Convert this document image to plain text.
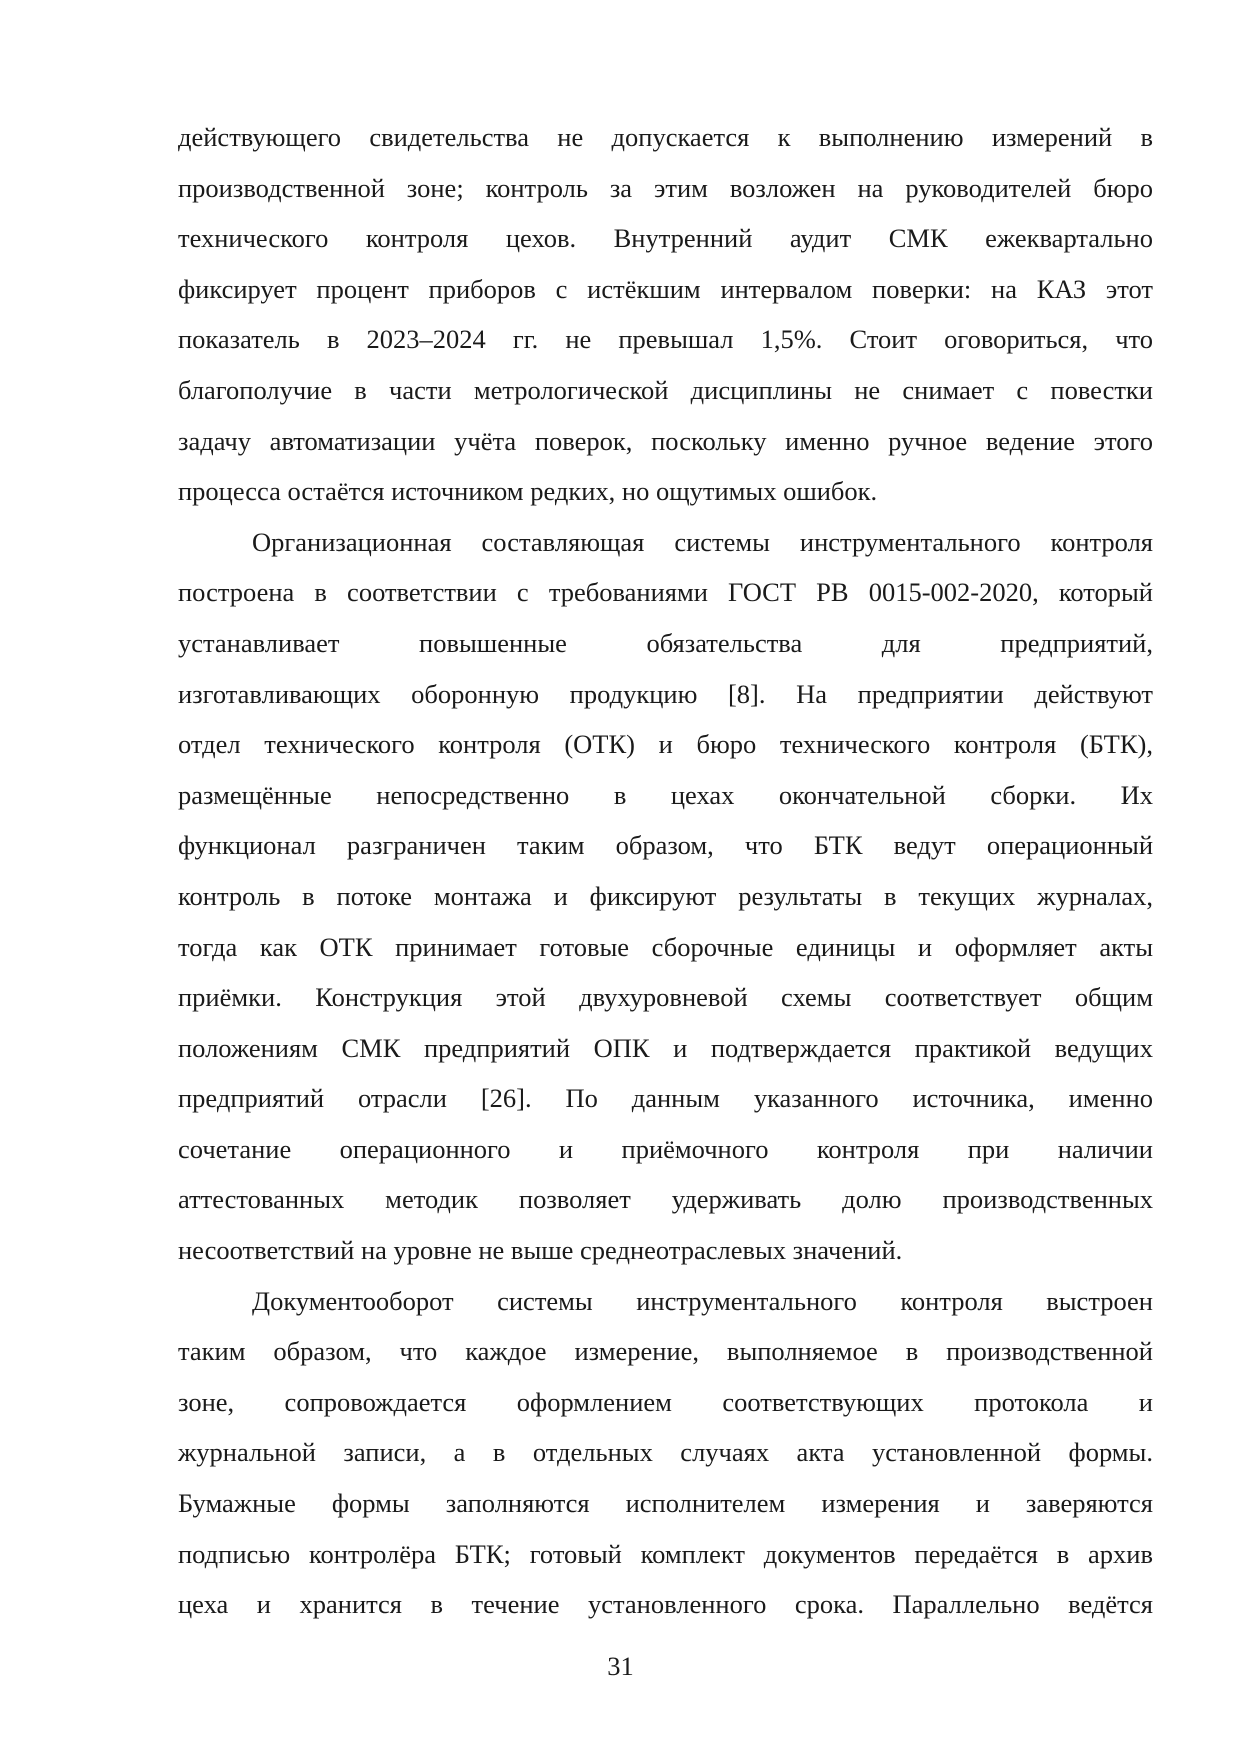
действующего свидетельства не допускается к выполнению измерений в
производственной зоне; контроль за этим возложен на руководителей бюро
технического контроля цехов. Внутренний аудит СМК ежеквартально
фиксирует процент приборов с истёкшим интервалом поверки: на КАЗ этот
показатель в 2023–2024 гг. не превышал 1,5%. Стоит оговориться, что
благополучие в части метрологической дисциплины не снимает с повестки
задачу автоматизации учёта поверок, поскольку именно ручное ведение этого
процесса остаётся источником редких, но ощутимых ошибок.
Организационная составляющая системы инструментального контроля
построена в соответствии с требованиями ГОСТ РВ 0015-002-2020, который
устанавливает повышенные обязательства для предприятий,
изготавливающих оборонную продукцию [8]. На предприятии действуют
отдел технического контроля (ОТК) и бюро технического контроля (БТК),
размещённые непосредственно в цехах окончательной сборки. Их
функционал разграничен таким образом, что БТК ведут операционный
контроль в потоке монтажа и фиксируют результаты в текущих журналах,
тогда как ОТК принимает готовые сборочные единицы и оформляет акты
приёмки. Конструкция этой двухуровневой схемы соответствует общим
положениям СМК предприятий ОПК и подтверждается практикой ведущих
предприятий отрасли [26]. По данным указанного источника, именно
сочетание операционного и приёмочного контроля при наличии
аттестованных методик позволяет удерживать долю производственных
несоответствий на уровне не выше среднеотраслевых значений.
Документооборот системы инструментального контроля выстроен
таким образом, что каждое измерение, выполняемое в производственной
зоне, сопровождается оформлением соответствующих протокола и
журнальной записи, а в отдельных случаях акта установленной формы.
Бумажные формы заполняются исполнителем измерения и заверяются
подписью контролёра БТК; готовый комплект документов передаётся в архив
цеха и хранится в течение установленного срока. Параллельно ведётся
31
